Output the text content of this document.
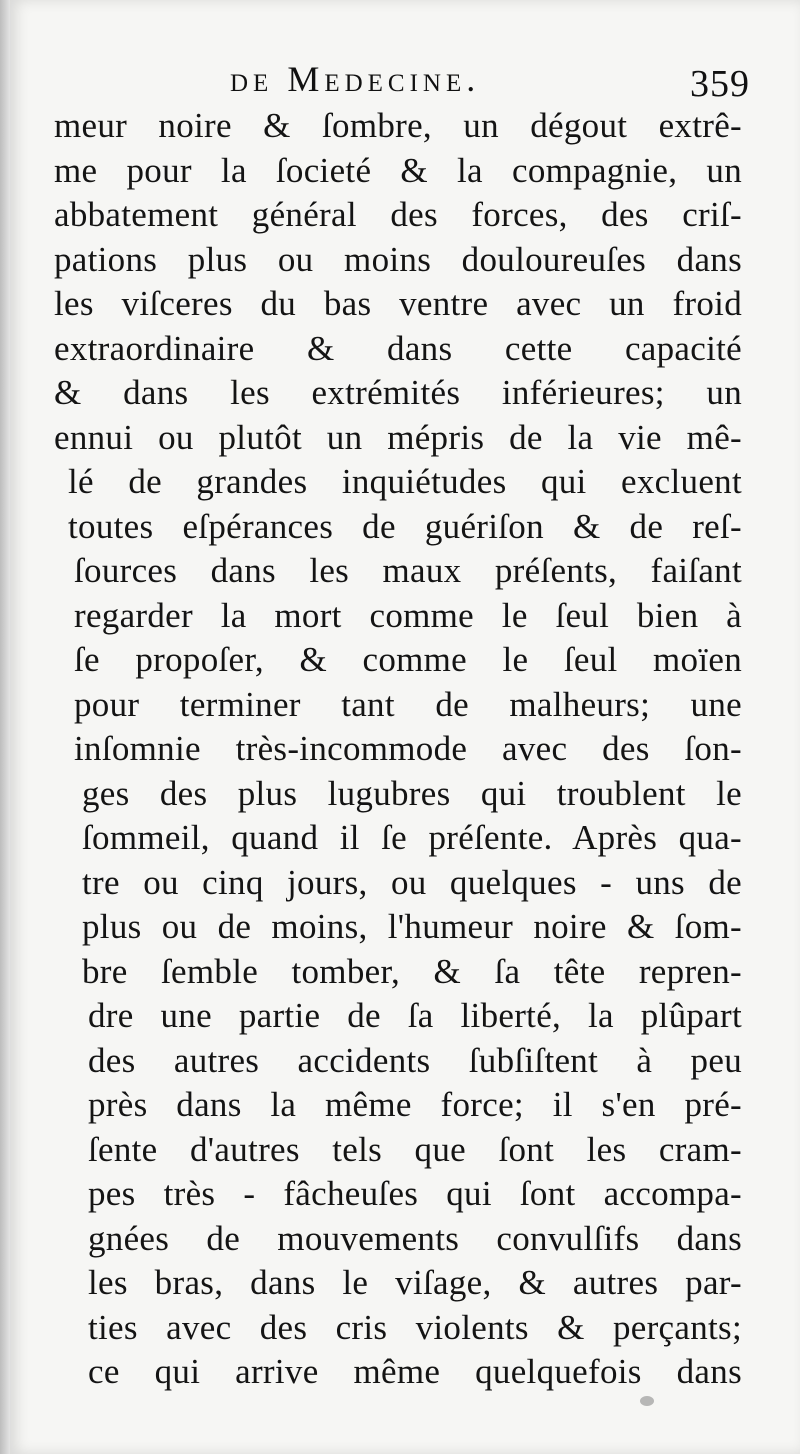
de Medecine.	359
meur noire & ſombre, un dégout extrê-
me pour la ſocieté & la compagnie, un
abbatement général des forces, des criſ-
pations plus ou moins douloureuſes dans
les viſceres du bas ventre avec un froid
extraordinaire & dans cette capacité
& dans les extrémités inférieures; un
ennui ou plutôt un mépris de la vie mê-
lé de grandes inquiétudes qui excluent
toutes eſpérances de guériſon & de reſ-
ſources dans les maux préſents, faiſant
regarder la mort comme le ſeul bien à
ſe propoſer, & comme le ſeul moïen
pour terminer tant de malheurs; une
inſomnie très-incommode avec des ſon-
ges des plus lugubres qui troublent le
ſommeil, quand il ſe préſente. Après qua-
tre ou cinq jours, ou quelques - uns de
plus ou de moins, l'humeur noire & ſom-
bre ſemble tomber, & ſa tête repren-
dre une partie de ſa liberté, la plûpart
des autres accidents ſubſiſtent à peu
près dans la même force; il s'en pré-
ſente d'autres tels que ſont les cram-
pes très - fâcheuſes qui ſont accompa-
gnées de mouvements convulſifs dans
les bras, dans le viſage, & autres par-
ties avec des cris violents & perçants;
ce qui arrive même quelquefois dans
